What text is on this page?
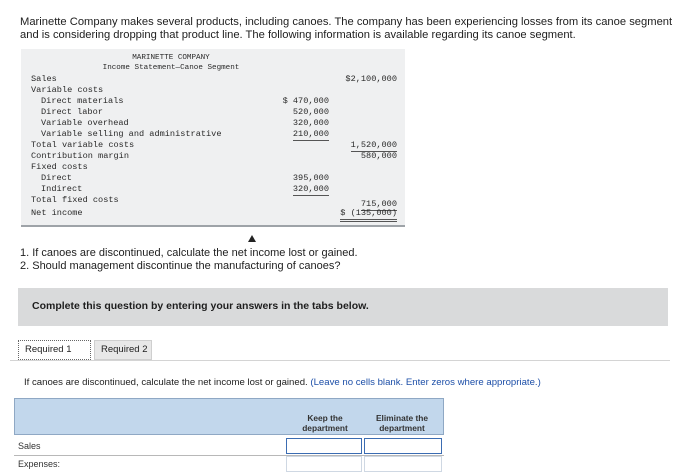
Marinette Company makes several products, including canoes. The company has been experiencing losses from its canoe segment and is considering dropping that product line. The following information is available regarding its canoe segment.
MARINETTE COMPANY
Income Statement—Canoe Segment
Sales	$2,100,000
Variable costs
Direct materials	$ 470,000
Direct labor	520,000
Variable overhead	320,000
Variable selling and administrative	210,000
Total variable costs	1,520,000
Contribution margin	580,000
Fixed costs
Direct	395,000
Indirect	320,000
Total fixed costs	715,000
Net income	$ (135,000)
1. If canoes are discontinued, calculate the net income lost or gained.
2. Should management discontinue the manufacturing of canoes?
Complete this question by entering your answers in the tabs below.
Required 1	Required 2
If canoes are discontinued, calculate the net income lost or gained. (Leave no cells blank. Enter zeros where appropriate.)
Keep the department
Eliminate the department
Sales
Expenses:
